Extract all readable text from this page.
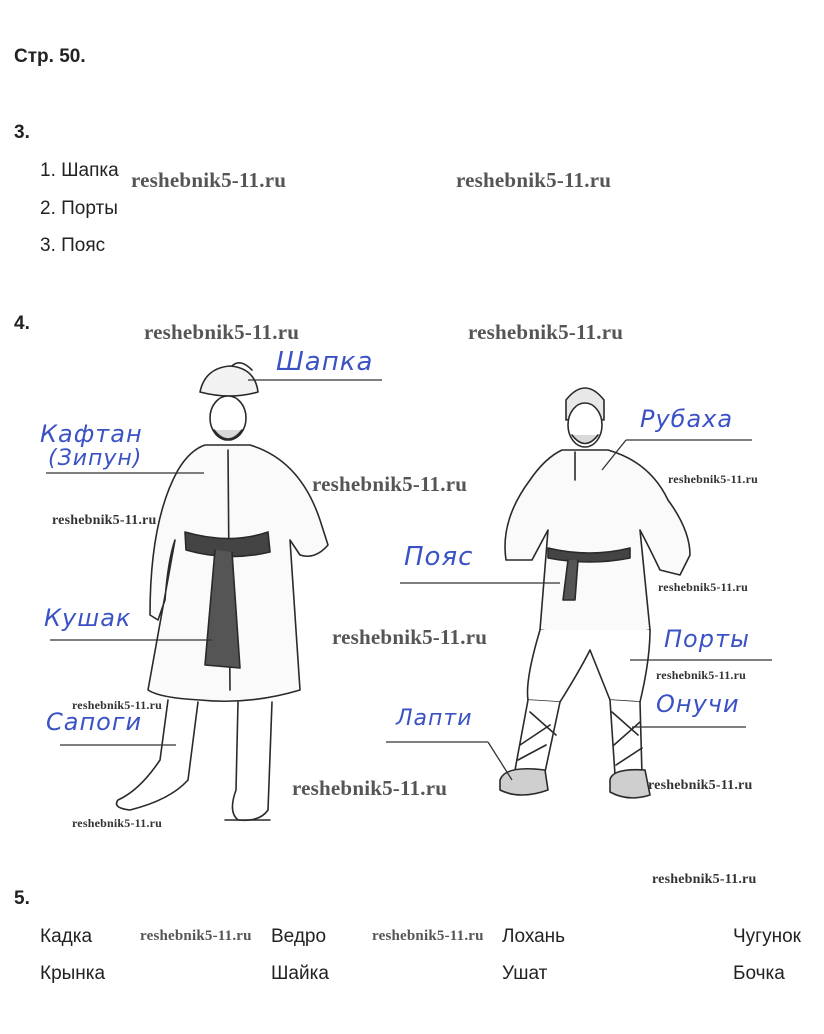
Стр. 50.
3.
1. Шапка
2. Порты
3. Пояс
4.
Шапка
Кафтан
(Зипун)
Кушак
Сапоги
Рубаха
Пояс
Порты
Онучи
Лапти
reshebnik5-11.ru	reshebnik5-11.ru
reshebnik5-11.ru	reshebnik5-11.ru
reshebnik5-11.ru	reshebnik5-11.ru
reshebnik5-11.ru
reshebnik5-11.ru
reshebnik5-11.ru
reshebnik5-11.ru
reshebnik5-11.ru
reshebnik5-11.ru	reshebnik5-11.ru
reshebnik5-11.ru
reshebnik5-11.ru
reshebnik5-11.ru	reshebnik5-11.ru
5.
Кадка	Ведро	Лохань	Чугунок
Крынка	Шайка	Ушат	Бочка
